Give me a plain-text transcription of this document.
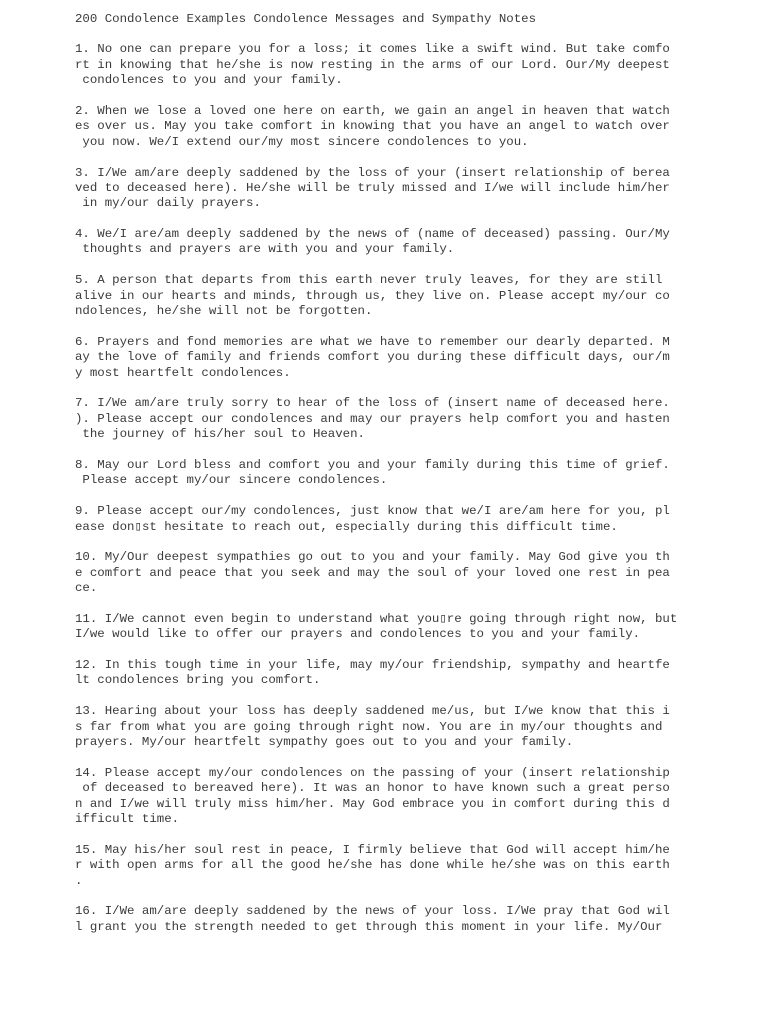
200 Condolence Examples Condolence Messages and Sympathy Notes
1. No one can prepare you for a loss; it comes like a swift wind. But take comfo
rt in knowing that he/she is now resting in the arms of our Lord. Our/My deepest
condolences to you and your family.
2. When we lose a loved one here on earth, we gain an angel in heaven that watch
es over us. May you take comfort in knowing that you have an angel to watch over
you now. We/I extend our/my most sincere condolences to you.
3. I/We am/are deeply saddened by the loss of your (insert relationship of berea
ved to deceased here). He/she will be truly missed and I/we will include him/her
in my/our daily prayers.
4. We/I are/am deeply saddened by the news of (name of deceased) passing. Our/My
thoughts and prayers are with you and your family.
5. A person that departs from this earth never truly leaves, for they are still
alive in our hearts and minds, through us, they live on. Please accept my/our co
ndolences, he/she will not be forgotten.
6. Prayers and fond memories are what we have to remember our dearly departed. M
ay the love of family and friends comfort you during these difficult days, our/m
y most heartfelt condolences.
7. I/We am/are truly sorry to hear of the loss of (insert name of deceased here.
). Please accept our condolences and may our prayers help comfort you and hasten
the journey of his/her soul to Heaven.
8. May our Lord bless and comfort you and your family during this time of grief.
Please accept my/our sincere condolences.
9. Please accept our/my condolences, just know that we/I are/am here for you, pl
ease don▯st hesitate to reach out, especially during this difficult time.
10. My/Our deepest sympathies go out to you and your family. May God give you th
e comfort and peace that you seek and may the soul of your loved one rest in pea
ce.
11. I/We cannot even begin to understand what you▯re going through right now, but
I/we would like to offer our prayers and condolences to you and your family.
12. In this tough time in your life, may my/our friendship, sympathy and heartfe
lt condolences bring you comfort.
13. Hearing about your loss has deeply saddened me/us, but I/we know that this i
s far from what you are going through right now. You are in my/our thoughts and
prayers. My/our heartfelt sympathy goes out to you and your family.
14. Please accept my/our condolences on the passing of your (insert relationship
of deceased to bereaved here). It was an honor to have known such a great perso
n and I/we will truly miss him/her. May God embrace you in comfort during this d
ifficult time.
15. May his/her soul rest in peace, I firmly believe that God will accept him/he
r with open arms for all the good he/she has done while he/she was on this earth
.
16. I/We am/are deeply saddened by the news of your loss. I/We pray that God wil
l grant you the strength needed to get through this moment in your life. My/Our
